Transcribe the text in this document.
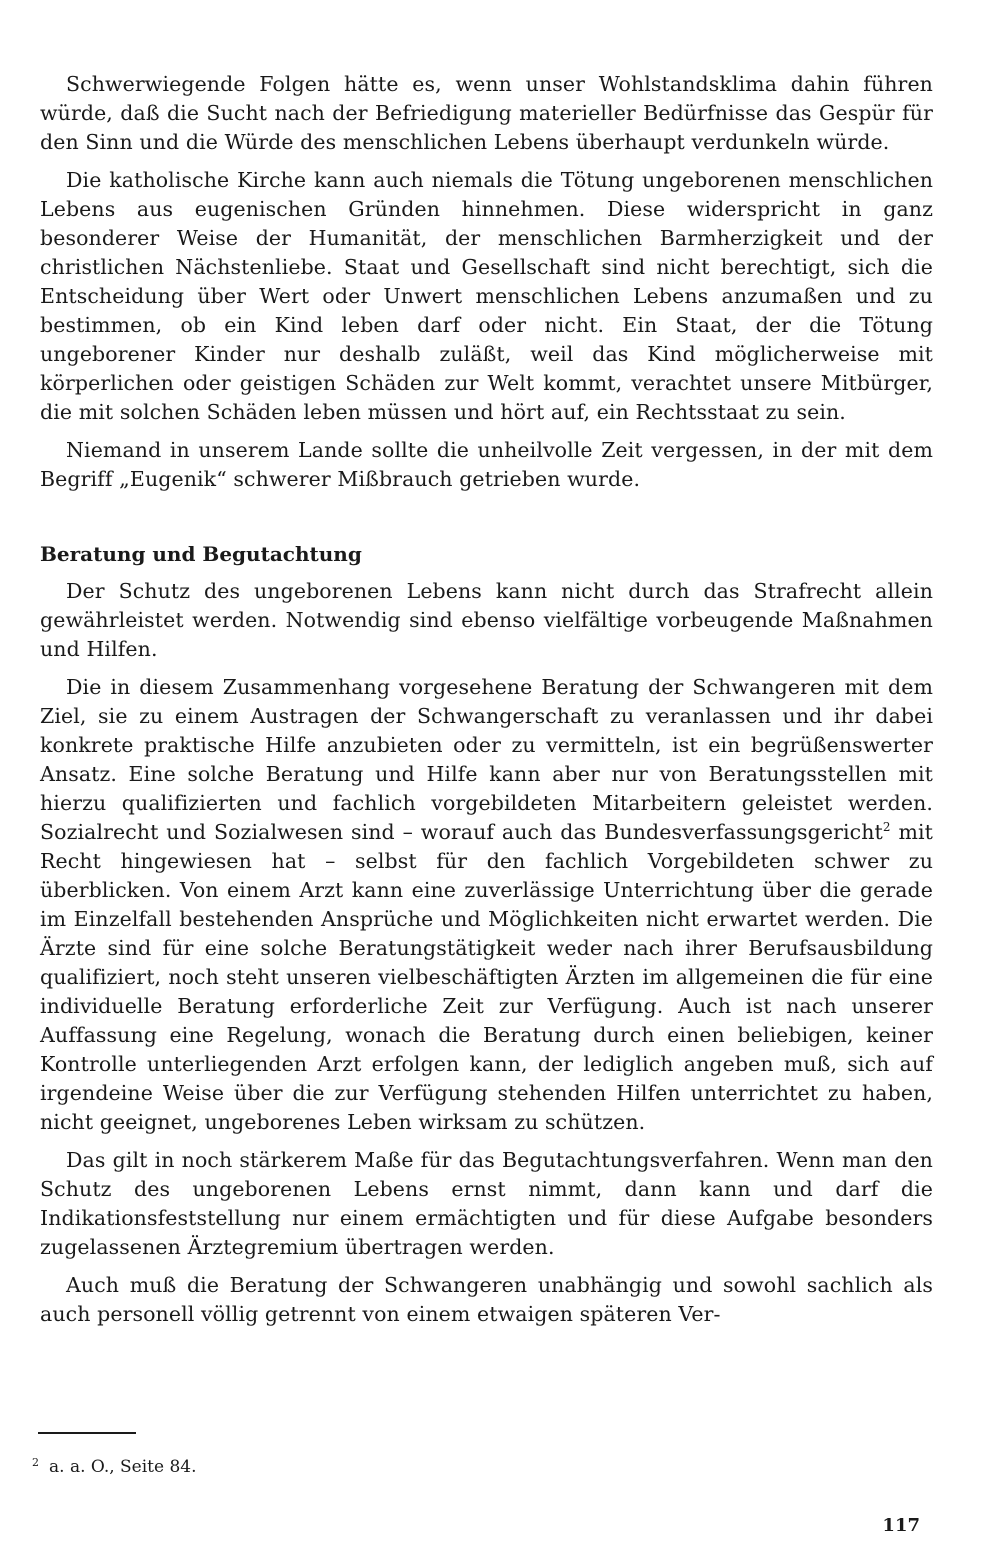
Schwerwiegende Folgen hätte es, wenn unser Wohlstandsklima dahin führen würde, daß die Sucht nach der Befriedigung materieller Bedürfnisse das Gespür für den Sinn und die Würde des menschlichen Lebens überhaupt verdunkeln würde.

Die katholische Kirche kann auch niemals die Tötung ungeborenen menschlichen Lebens aus eugenischen Gründen hinnehmen. Diese widerspricht in ganz besonderer Weise der Humanität, der menschlichen Barmherzigkeit und der christlichen Nächstenliebe. Staat und Gesellschaft sind nicht berechtigt, sich die Entscheidung über Wert oder Unwert menschlichen Lebens anzumaßen und zu bestimmen, ob ein Kind leben darf oder nicht. Ein Staat, der die Tötung ungeborener Kinder nur deshalb zuläßt, weil das Kind möglicherweise mit körperlichen oder geistigen Schäden zur Welt kommt, verachtet unsere Mitbürger, die mit solchen Schäden leben müssen und hört auf, ein Rechtsstaat zu sein.

Niemand in unserem Lande sollte die unheilvolle Zeit vergessen, in der mit dem Begriff „Eugenik“ schwerer Mißbrauch getrieben wurde.

Beratung und Begutachtung

Der Schutz des ungeborenen Lebens kann nicht durch das Strafrecht allein gewährleistet werden. Notwendig sind ebenso vielfältige vorbeugende Maßnahmen und Hilfen.

Die in diesem Zusammenhang vorgesehene Beratung der Schwangeren mit dem Ziel, sie zu einem Austragen der Schwangerschaft zu veranlassen und ihr dabei konkrete praktische Hilfe anzubieten oder zu vermitteln, ist ein begrüßenswerter Ansatz. Eine solche Beratung und Hilfe kann aber nur von Beratungsstellen mit hierzu qualifizierten und fachlich vorgebildeten Mitarbeitern geleistet werden. Sozialrecht und Sozialwesen sind – worauf auch das Bundesverfassungsgericht$^2$ mit Recht hingewiesen hat – selbst für den fachlich Vorgebildeten schwer zu überblicken. Von einem Arzt kann eine zuverlässige Unterrichtung über die gerade im Einzelfall bestehenden Ansprüche und Möglichkeiten nicht erwartet werden. Die Ärzte sind für eine solche Beratungstätigkeit weder nach ihrer Berufsausbildung qualifiziert, noch steht unseren vielbeschäftigten Ärzten im allgemeinen die für eine individuelle Beratung erforderliche Zeit zur Verfügung. Auch ist nach unserer Auffassung eine Regelung, wonach die Beratung durch einen beliebigen, keiner Kontrolle unterliegenden Arzt erfolgen kann, der lediglich angeben muß, sich auf irgendeine Weise über die zur Verfügung stehenden Hilfen unterrichtet zu haben, nicht geeignet, ungeborenes Leben wirksam zu schützen.

Das gilt in noch stärkerem Maße für das Begutachtungsverfahren. Wenn man den Schutz des ungeborenen Lebens ernst nimmt, dann kann und darf die Indikationsfeststellung nur einem ermächtigten und für diese Aufgabe besonders zugelassenen Ärztegremium übertragen werden.

Auch muß die Beratung der Schwangeren unabhängig und sowohl sachlich als auch personell völlig getrennt von einem etwaigen späteren Ver-

$^2$ a. a. O., Seite 84.
117
